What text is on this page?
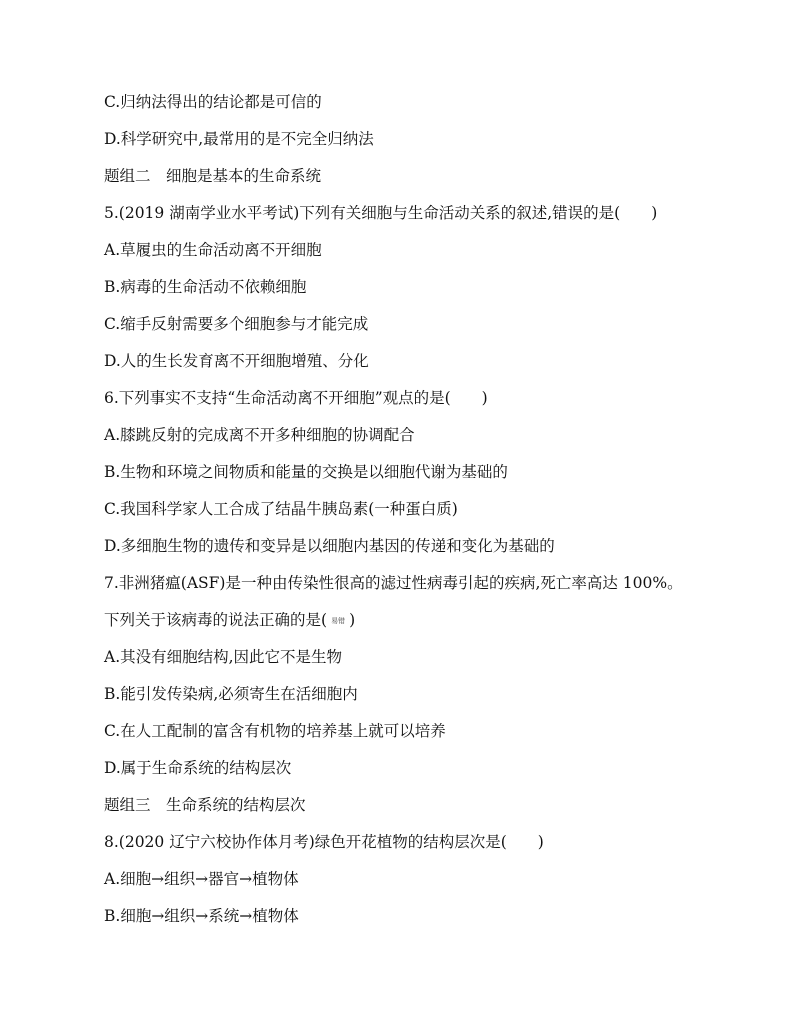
C.归纳法得出的结论都是可信的
D.科学研究中,最常用的是不完全归纳法
题组二　细胞是基本的生命系统
5.(2019 湖南学业水平考试)下列有关细胞与生命活动关系的叙述,错误的是(　　)
A.草履虫的生命活动离不开细胞
B.病毒的生命活动不依赖细胞
C.缩手反射需要多个细胞参与才能完成
D.人的生长发育离不开细胞增殖、分化
6.下列事实不支持“生命活动离不开细胞”观点的是(　　)
A.膝跳反射的完成离不开多种细胞的协调配合
B.生物和环境之间物质和能量的交换是以细胞代谢为基础的
C.我国科学家人工合成了结晶牛胰岛素(一种蛋白质)
D.多细胞生物的遗传和变异是以细胞内基因的传递和变化为基础的
7.非洲猪瘟(ASF)是一种由传染性很高的滤过性病毒引起的疾病,死亡率高达 100%。
下列关于该病毒的说法正确的是( 易错 )
A.其没有细胞结构,因此它不是生物
B.能引发传染病,必须寄生在活细胞内
C.在人工配制的富含有机物的培养基上就可以培养
D.属于生命系统的结构层次
题组三　生命系统的结构层次
8.(2020 辽宁六校协作体月考)绿色开花植物的结构层次是(　　)
A.细胞→组织→器官→植物体
B.细胞→组织→系统→植物体
